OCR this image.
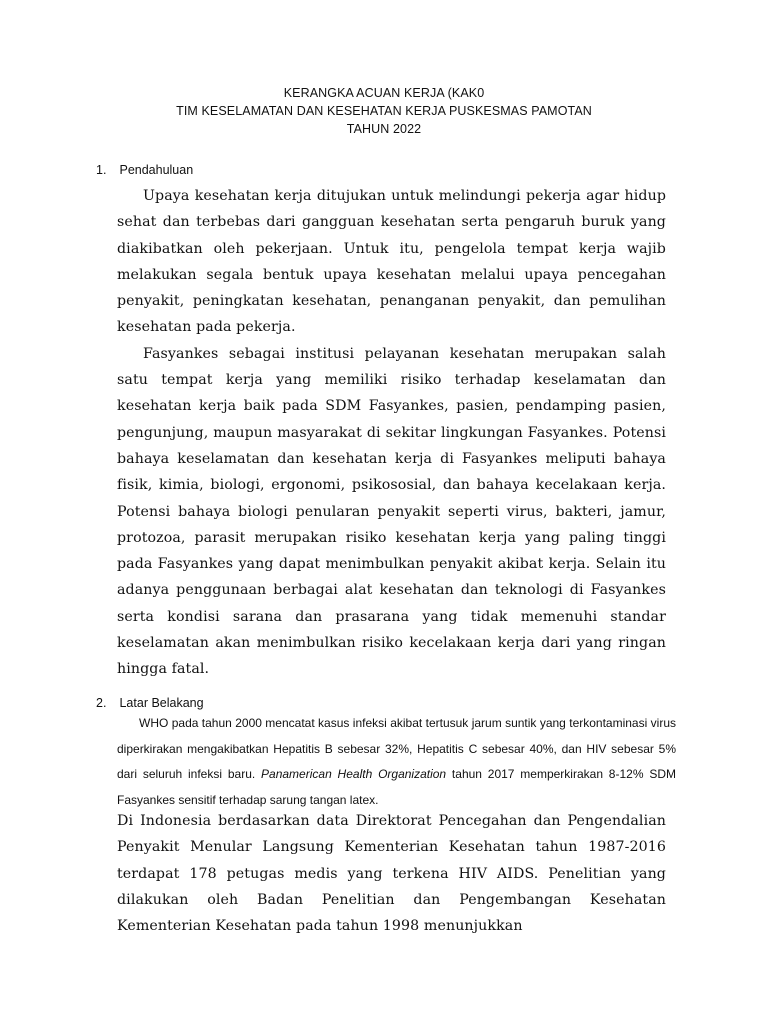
KERANGKA ACUAN KERJA (KAK0
TIM KESELAMATAN DAN KESEHATAN KERJA PUSKESMAS PAMOTAN
TAHUN 2022
1. Pendahuluan

Upaya kesehatan kerja ditujukan untuk melindungi pekerja agar hidup sehat dan terbebas dari gangguan kesehatan serta pengaruh buruk yang diakibatkan oleh pekerjaan. Untuk itu, pengelola tempat kerja wajib melakukan segala bentuk upaya kesehatan melalui upaya pencegahan penyakit, peningkatan kesehatan, penanganan penyakit, dan pemulihan kesehatan pada pekerja.

Fasyankes sebagai institusi pelayanan kesehatan merupakan salah satu tempat kerja yang memiliki risiko terhadap keselamatan dan kesehatan kerja baik pada SDM Fasyankes, pasien, pendamping pasien, pengunjung, maupun masyarakat di sekitar lingkungan Fasyankes. Potensi bahaya keselamatan dan kesehatan kerja di Fasyankes meliputi bahaya fisik, kimia, biologi, ergonomi, psikososial, dan bahaya kecelakaan kerja. Potensi bahaya biologi penularan penyakit seperti virus, bakteri, jamur, protozoa, parasit merupakan risiko kesehatan kerja yang paling tinggi pada Fasyankes yang dapat menimbulkan penyakit akibat kerja. Selain itu adanya penggunaan berbagai alat kesehatan dan teknologi di Fasyankes serta kondisi sarana dan prasarana yang tidak memenuhi standar keselamatan akan menimbulkan risiko kecelakaan kerja dari yang ringan hingga fatal.

2. Latar Belakang

WHO pada tahun 2000 mencatat kasus infeksi akibat tertusuk jarum suntik yang terkontaminasi virus diperkirakan mengakibatkan Hepatitis B sebesar 32%, Hepatitis C sebesar 40%, dan HIV sebesar 5% dari seluruh infeksi baru. Panamerican Health Organization tahun 2017 memperkirakan 8-12% SDM Fasyankes sensitif terhadap sarung tangan latex.

Di Indonesia berdasarkan data Direktorat Pencegahan dan Pengendalian Penyakit Menular Langsung Kementerian Kesehatan tahun 1987-2016 terdapat 178 petugas medis yang terkena HIV AIDS. Penelitian yang dilakukan oleh Badan Penelitian dan Pengembangan Kesehatan Kementerian Kesehatan pada tahun 1998 menunjukkan
